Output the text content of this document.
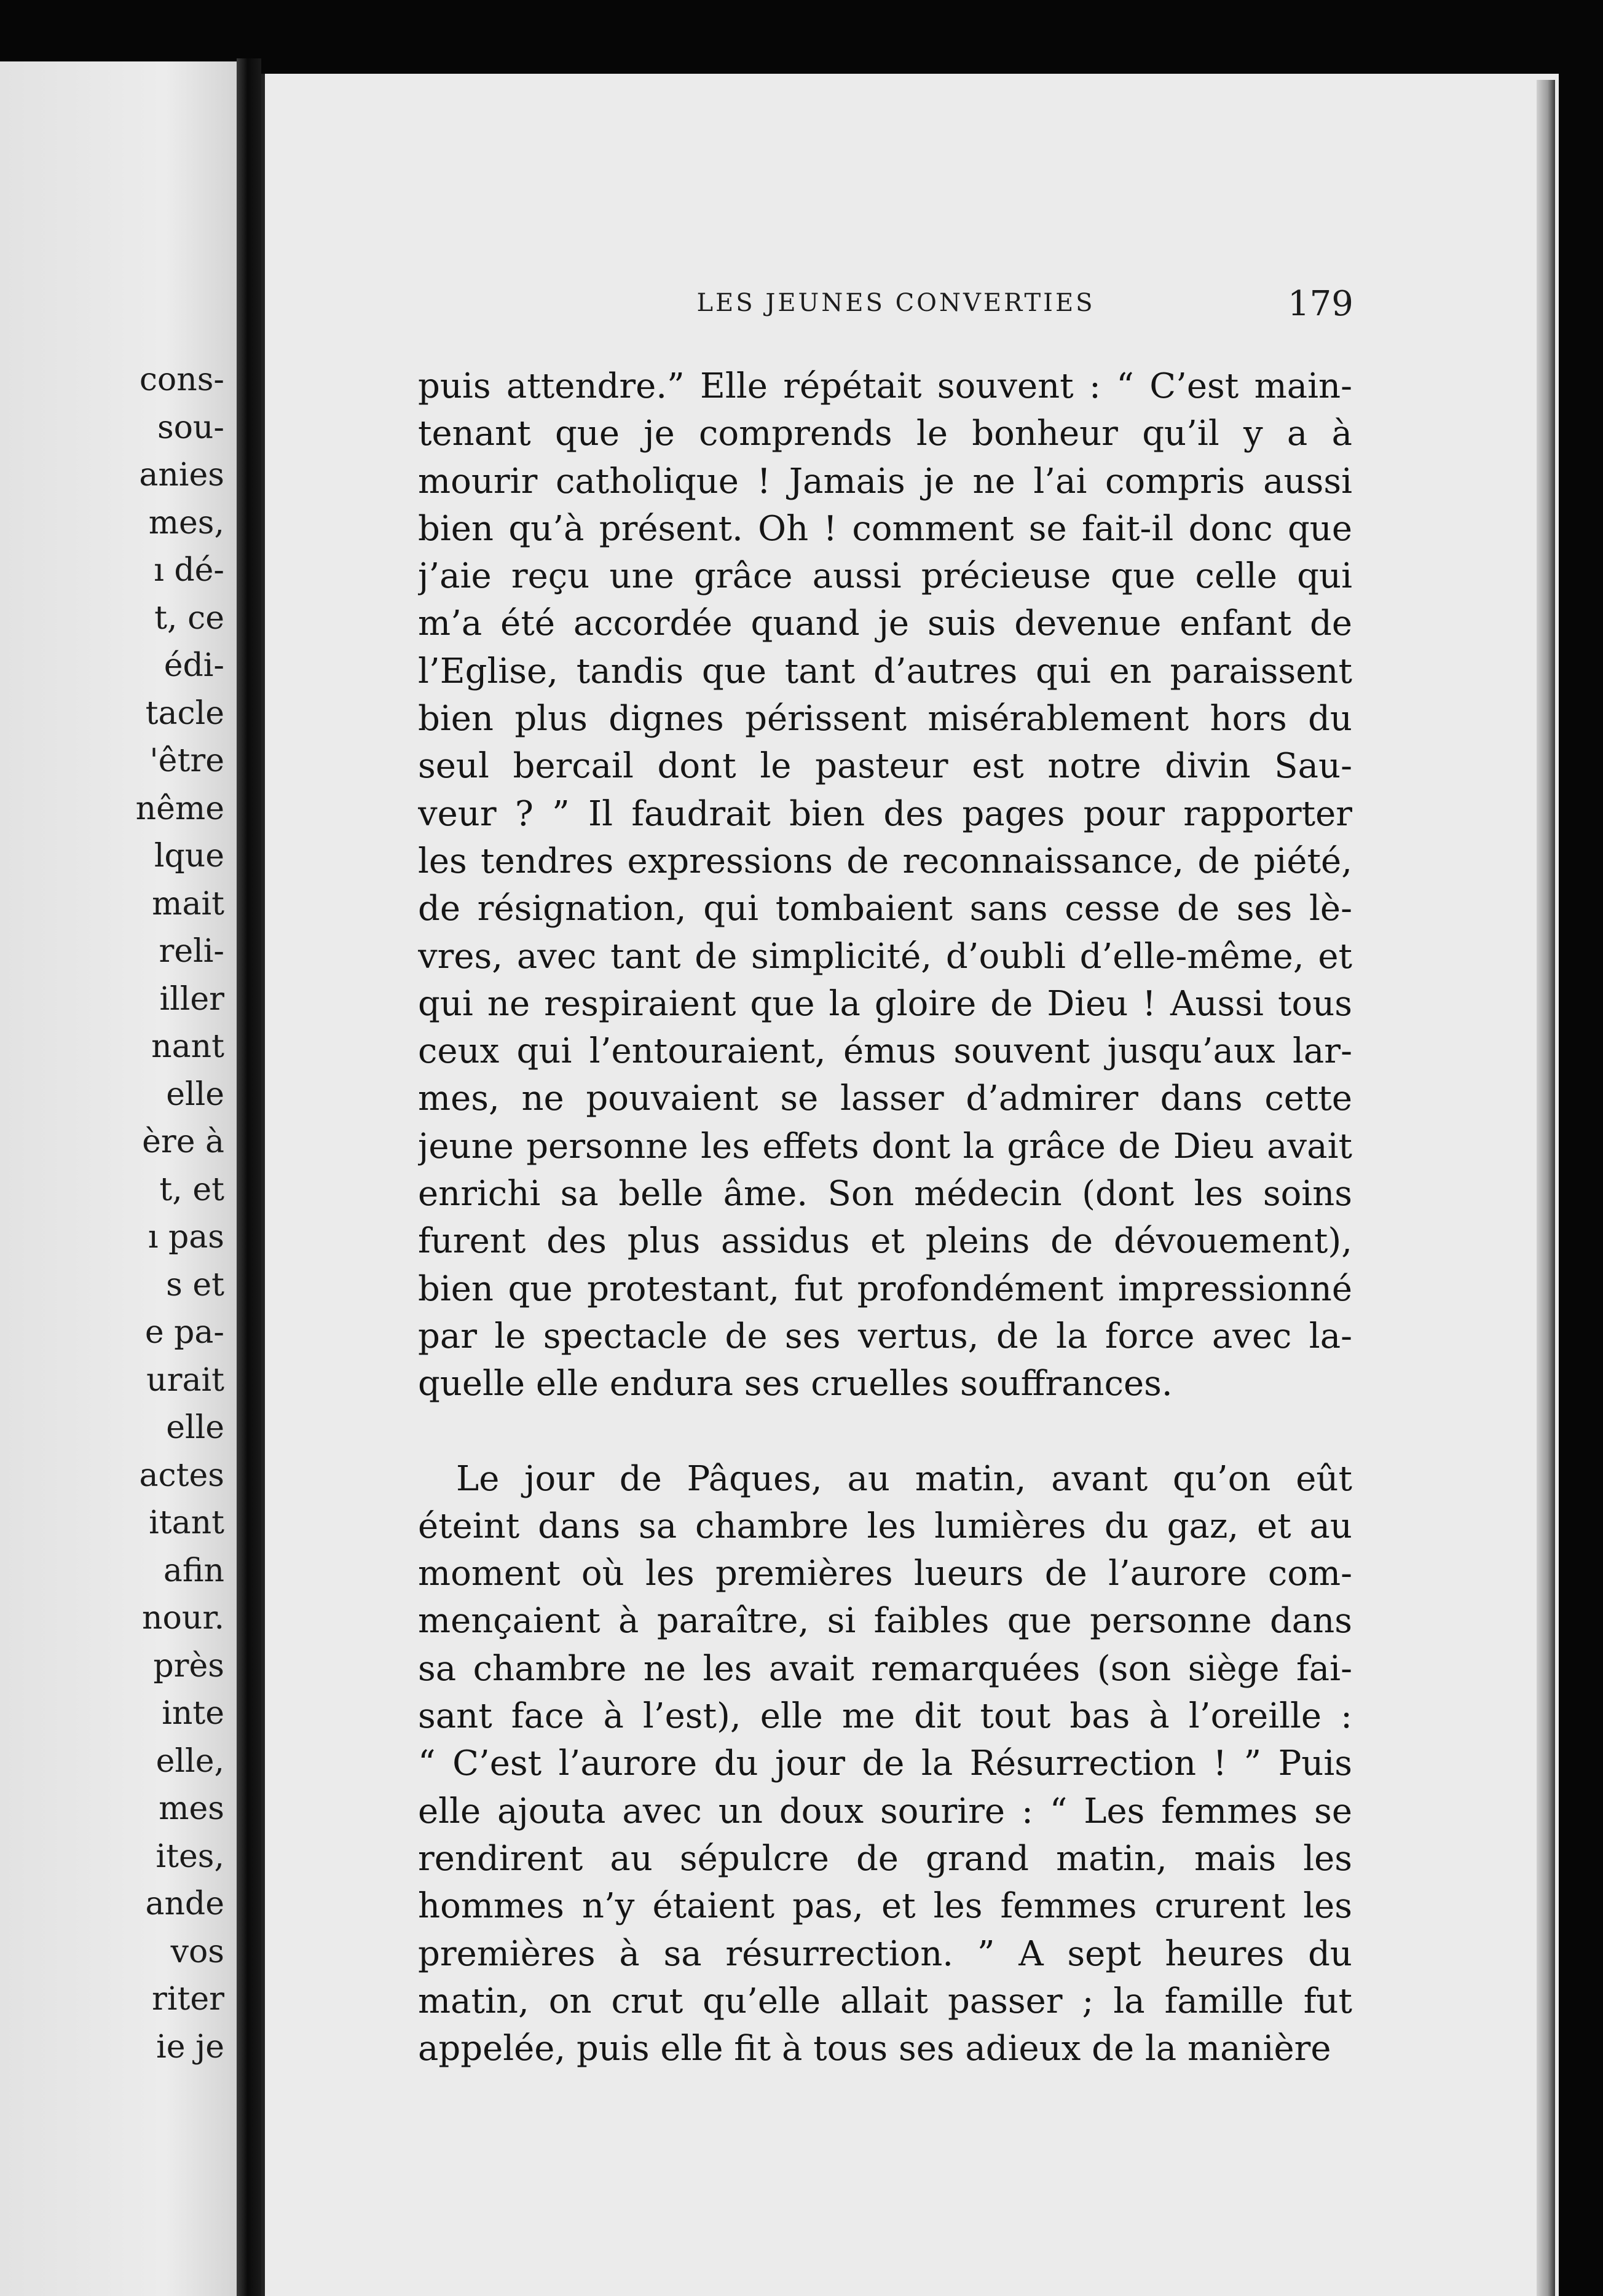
cons-
sou-
anies
mes,
ı dé-
t, ce
édi-
tacle
'être
nême
lque
mait
reli-
iller
nant
elle
ère à
t, et
ı pas
s et
e pa-
urait
elle
actes
itant
afin
nour.
près
inte
elle,
mes
ites,
ande
vos
riter
ie je
LES JEUNES CONVERTIES	179
puis attendre.” Elle répétait souvent : “ C’est main-
tenant que je comprends le bonheur qu’il y a à
mourir catholique ! Jamais je ne l’ai compris aussi
bien qu’à présent. Oh ! comment se fait-il donc que
j’aie reçu une grâce aussi précieuse que celle qui
m’a été accordée quand je suis devenue enfant de
l’Eglise, tandis que tant d’autres qui en paraissent
bien plus dignes périssent misérablement hors du
seul bercail dont le pasteur est notre divin Sau-
veur ? ” Il faudrait bien des pages pour rapporter
les tendres expressions de reconnaissance, de piété,
de résignation, qui tombaient sans cesse de ses lè-
vres, avec tant de simplicité, d’oubli d’elle-même, et
qui ne respiraient que la gloire de Dieu ! Aussi tous
ceux qui l’entouraient, émus souvent jusqu’aux lar-
mes, ne pouvaient se lasser d’admirer dans cette
jeune personne les effets dont la grâce de Dieu avait
enrichi sa belle âme. Son médecin (dont les soins
furent des plus assidus et pleins de dévouement),
bien que protestant, fut profondément impressionné
par le spectacle de ses vertus, de la force avec la-
quelle elle endura ses cruelles souffrances.
Le jour de Pâques, au matin, avant qu’on eût
éteint dans sa chambre les lumières du gaz, et au
moment où les premières lueurs de l’aurore com-
mençaient à paraître, si faibles que personne dans
sa chambre ne les avait remarquées (son siège fai-
sant face à l’est), elle me dit tout bas à l’oreille :
“ C’est l’aurore du jour de la Résurrection ! ” Puis
elle ajouta avec un doux sourire : “ Les femmes se
rendirent au sépulcre de grand matin, mais les
hommes n’y étaient pas, et les femmes crurent les
premières à sa résurrection. ” A sept heures du
matin, on crut qu’elle allait passer ; la famille fut
appelée, puis elle fit à tous ses adieux de la manière
